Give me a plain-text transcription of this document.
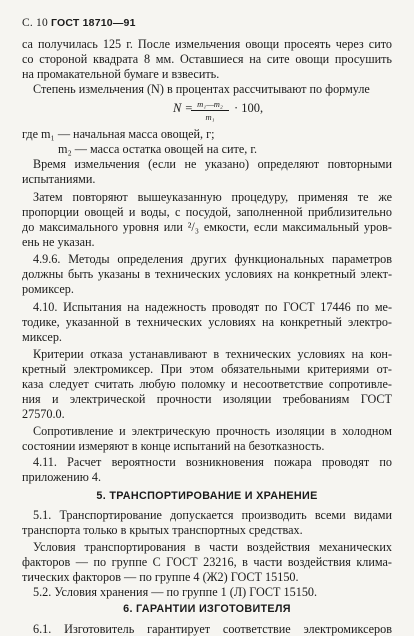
С. 10 ГОСТ 18710—91
са получилась 125 г. После измельчения овощи просеять через сито
со стороной квадрата 8 мм. Оставшиеся на сите овощи просушить
на промакательной бумаге и взвесить.
Степень измельчения (N) в процентах рассчитывают по формуле
N =
$\frac{\text{m₁—m₂}}{\text{m₁}} \cdot 100$,
где m₁ — начальная масса овощей, г;
m₂ — масса остатка овощей на сите, г.
Время измельчения (если не указано) определяют повторными
испытаниями.
Затем повторяют вышеуказанную процедуру, применяя те же
пропорции овощей и воды, с посудой, заполненной приблизительно
до максимального уровня или ²/₃ емкости, если максимальный уров-
ень не указан.
4.9.6. Методы определения других функциональных параметров
должны быть указаны в технических условиях на конкретный элект-
ромиксер.
4.10. Испытания на надежность проводят по ГОСТ 17446 по ме-
тодике, указанной в технических условиях на конкретный электро-
миксер.
Критерии отказа устанавливают в технических условиях на кон-
кретный электромиксер. При этом обязательными критериями от-
каза следует считать любую поломку и несоответствие сопротивле-
ния и электрической прочности изоляции требованиям ГОСТ
27570.0.
Сопротивление и электрическую прочность изоляции в холодном
состоянии измеряют в конце испытаний на безотказность.
4.11. Расчет вероятности возникновения пожара проводят по
приложению 4.
5. ТРАНСПОРТИРОВАНИЕ И ХРАНЕНИЕ
5.1. Транспортирование допускается производить всеми видами
транспорта только в крытых транспортных средствах.
Условия транспортирования в части воздействия механических
факторов — по группе С ГОСТ 23216, в части воздействия клима-
тических факторов — по группе 4 (Ж2) ГОСТ 15150.
5.2. Условия хранения — по группе 1 (Л) ГОСТ 15150.
6. ГАРАНТИИ ИЗГОТОВИТЕЛЯ
6.1. Изготовитель гарантирует соответствие электромиксеров
